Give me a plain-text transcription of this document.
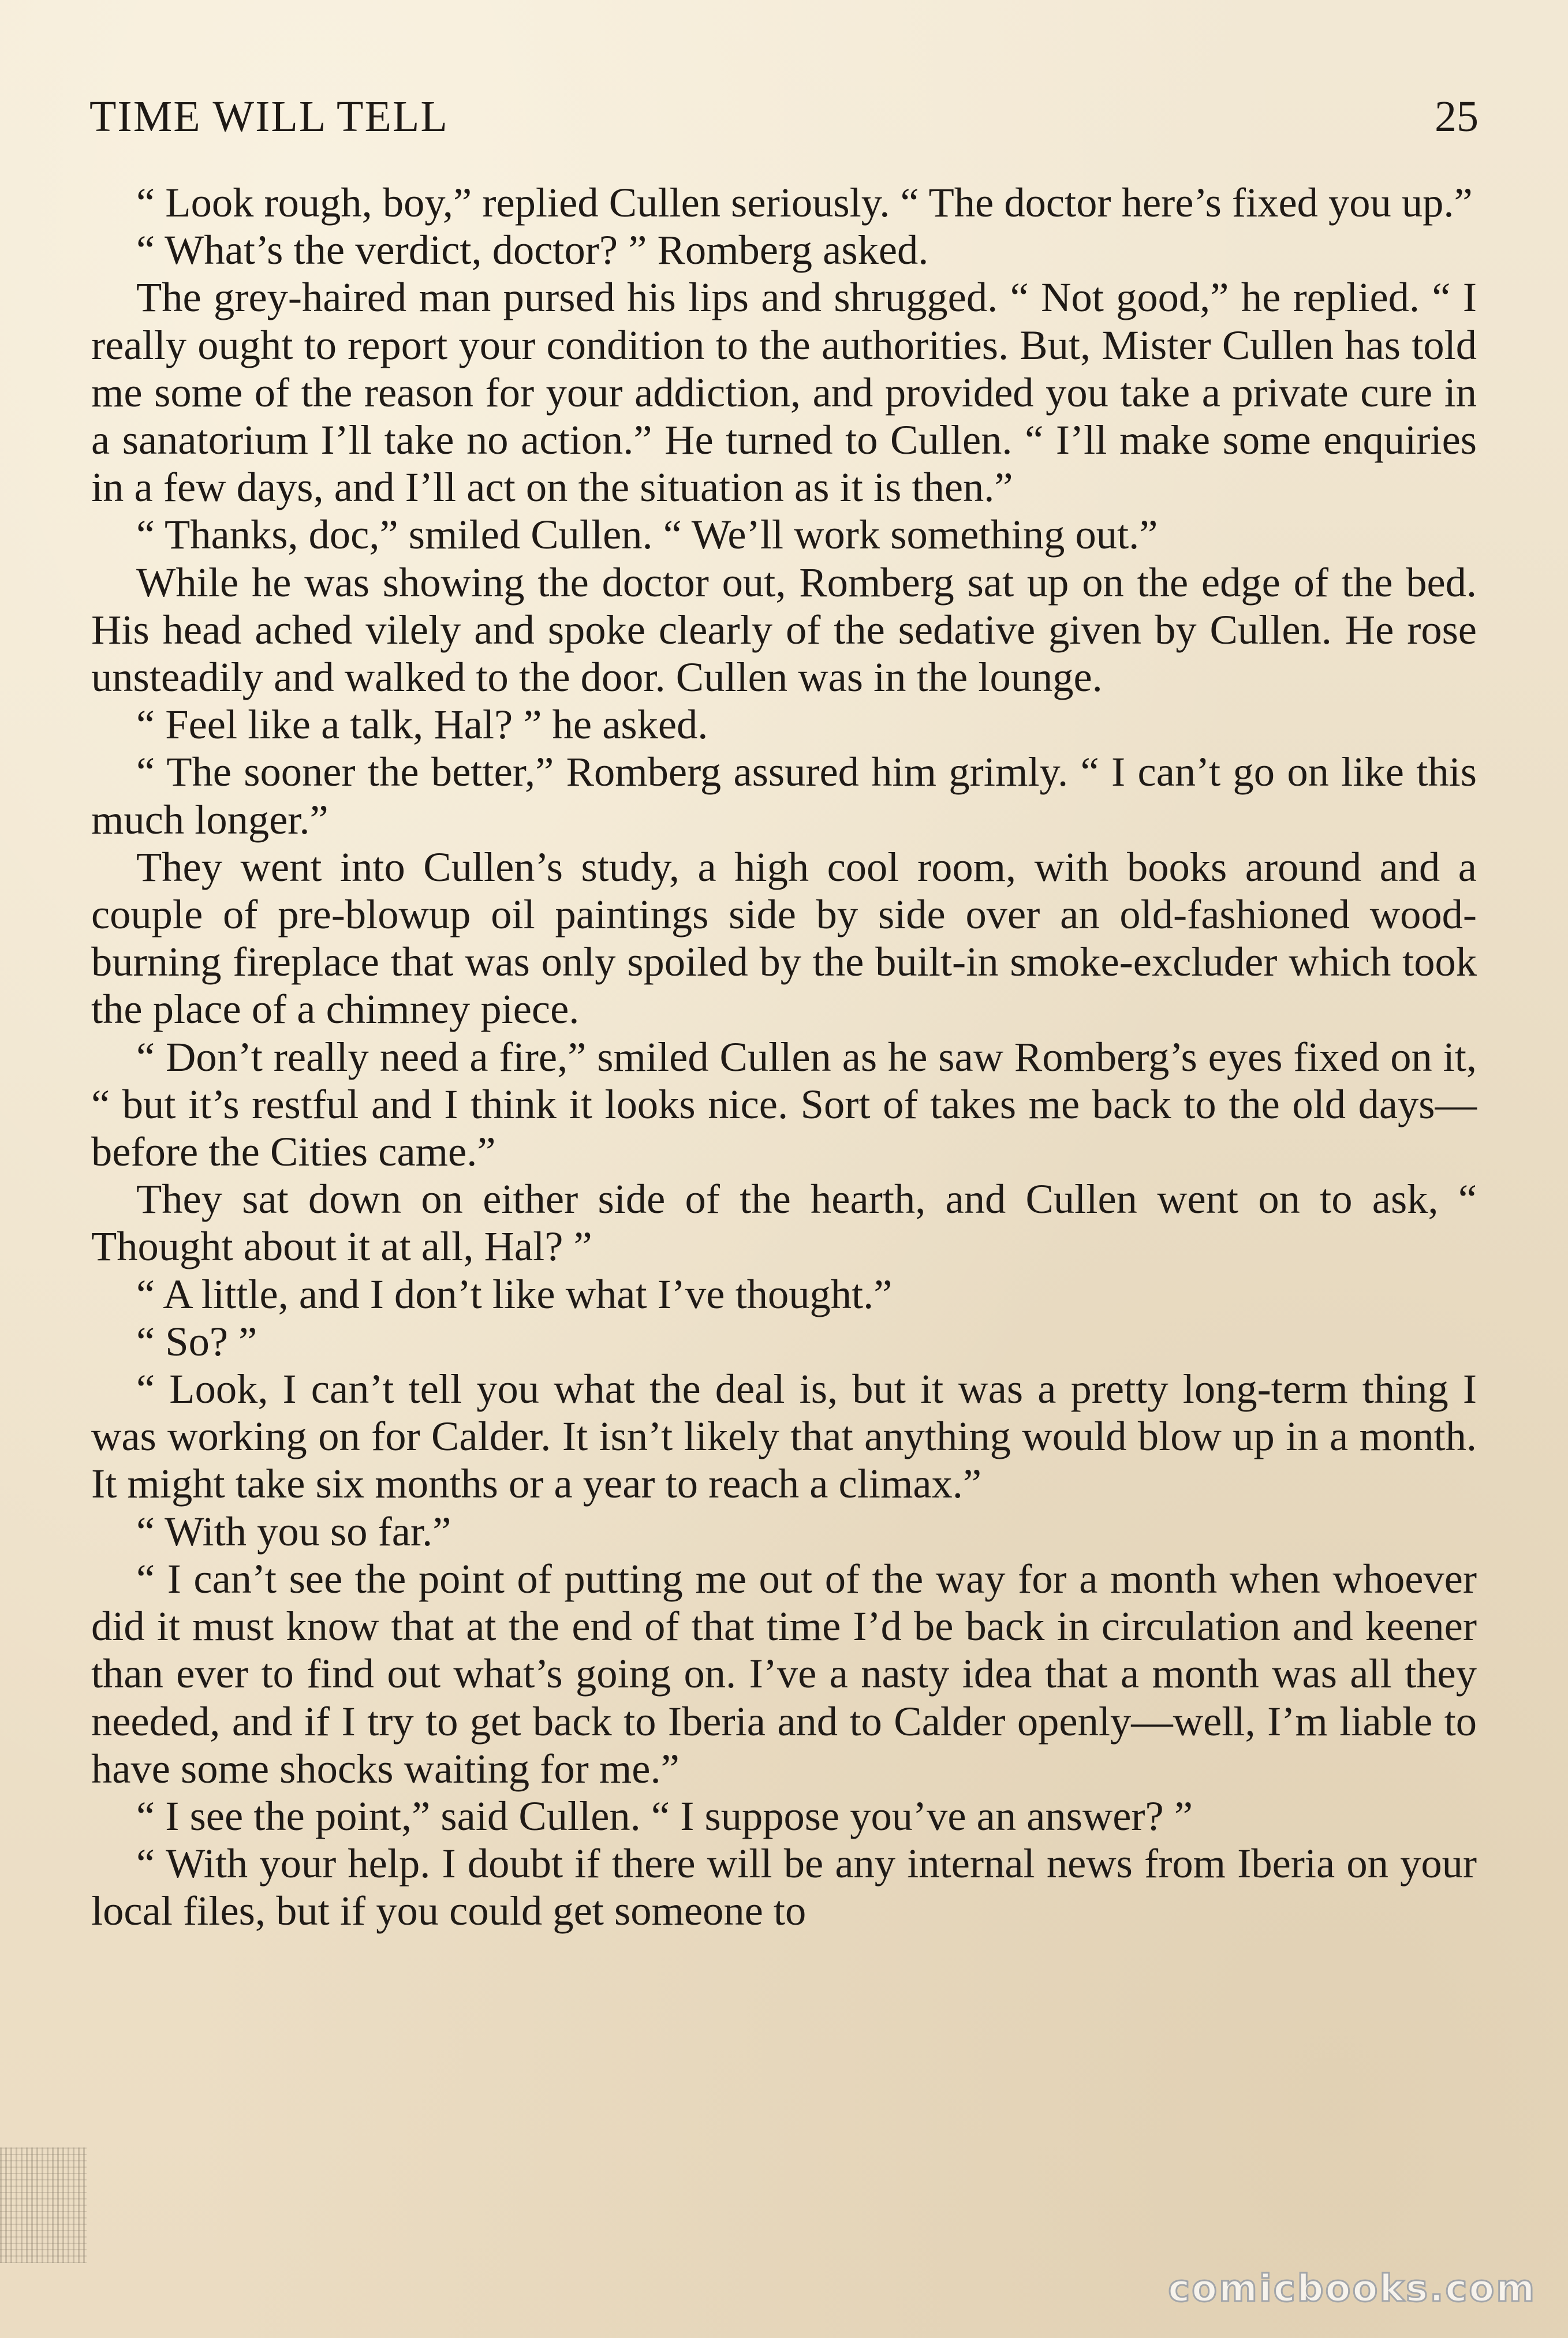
TIME WILL TELL	25

“ Look rough, boy,” replied Cullen seriously. “ The doctor here’s fixed you up.”

“ What’s the verdict, doctor? ” Romberg asked.

The grey-haired man pursed his lips and shrugged. “ Not good,” he replied. “ I really ought to report your condition to the authorities. But, Mister Cullen has told me some of the reason for your addiction, and provided you take a private cure in a sanatorium I’ll take no action.” He turned to Cullen. “ I’ll make some enquiries in a few days, and I’ll act on the situation as it is then.”

“ Thanks, doc,” smiled Cullen. “ We’ll work something out.”

While he was showing the doctor out, Romberg sat up on the edge of the bed. His head ached vilely and spoke clearly of the sedative given by Cullen. He rose unsteadily and walked to the door. Cullen was in the lounge.

“ Feel like a talk, Hal? ” he asked.

“ The sooner the better,” Romberg assured him grimly. “ I can’t go on like this much longer.”

They went into Cullen’s study, a high cool room, with books around and a couple of pre-blowup oil paintings side by side over an old-fashioned wood-burning fireplace that was only spoiled by the built-in smoke-excluder which took the place of a chimney piece.

“ Don’t really need a fire,” smiled Cullen as he saw Romberg’s eyes fixed on it, “ but it’s restful and I think it looks nice. Sort of takes me back to the old days—before the Cities came.”

They sat down on either side of the hearth, and Cullen went on to ask, “ Thought about it at all, Hal? ”

“ A little, and I don’t like what I’ve thought.”

“ So? ”

“ Look, I can’t tell you what the deal is, but it was a pretty long-term thing I was working on for Calder. It isn’t likely that anything would blow up in a month. It might take six months or a year to reach a climax.”

“ With you so far.”

“ I can’t see the point of putting me out of the way for a month when whoever did it must know that at the end of that time I’d be back in circulation and keener than ever to find out what’s going on. I’ve a nasty idea that a month was all they needed, and if I try to get back to Iberia and to Calder openly—well, I’m liable to have some shocks waiting for me.”

“ I see the point,” said Cullen. “ I suppose you’ve an answer? ”

“ With your help. I doubt if there will be any internal news from Iberia on your local files, but if you could get someone to

comicbooks.com
